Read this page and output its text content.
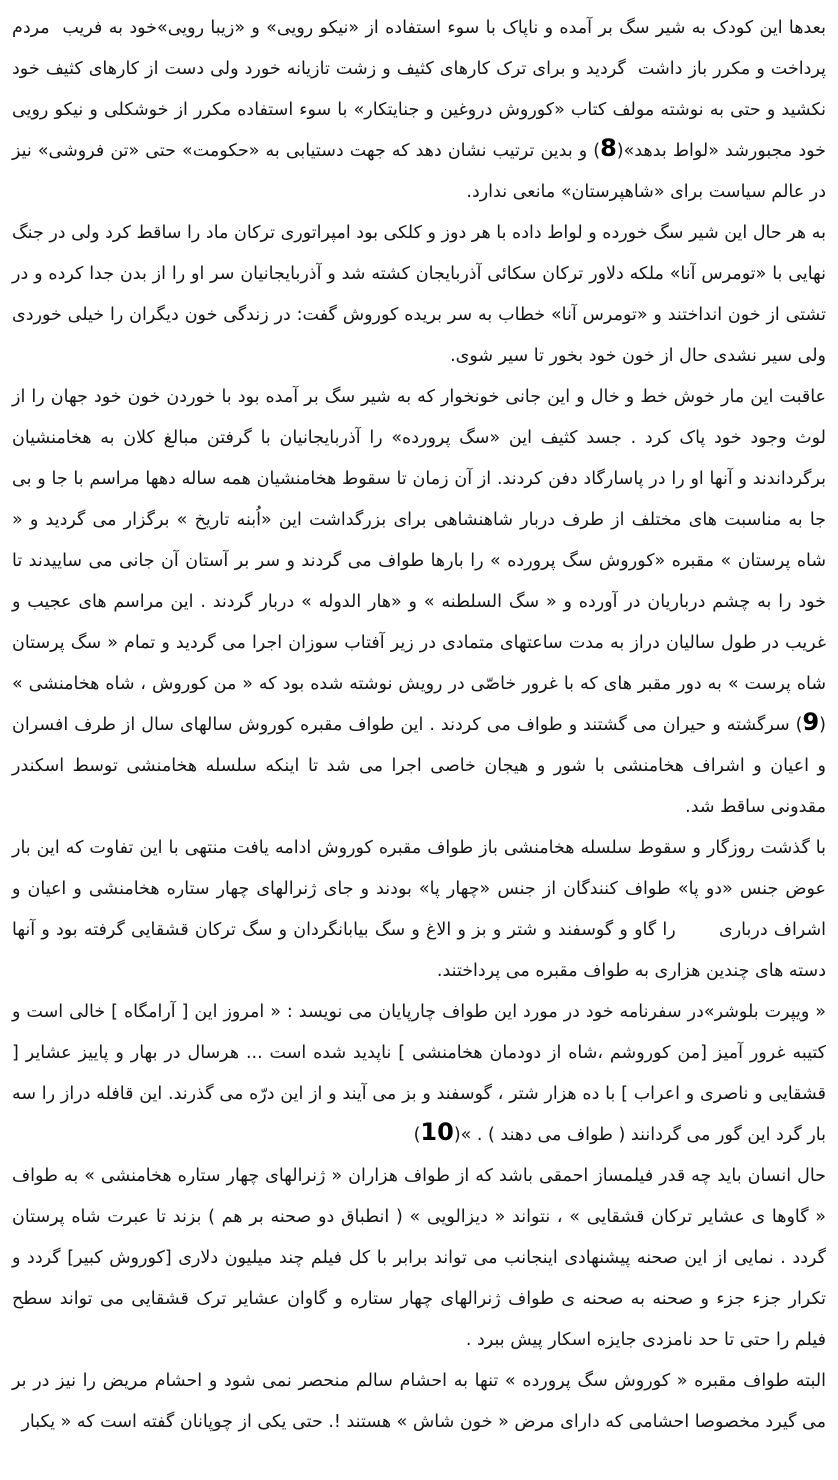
بعدها این کودک به شیر سگ بر آمده و ناپاک با سوء استفاده از «نیکو رویی» و «زیبا رویی»خود به فریب  مردم پرداخت و مکرر باز داشت  گردید و برای ترک کارهای کثیف و زشت تازیانه خورد ولی دست از کارهای کثیف خود نکشید و حتی به نوشته مولف کتاب «کوروش دروغین و جنایتکار» با سوء استفاده مکرر از خوشکلی و نیکو رویی خود مجبورشد «لواط بدهد»(8) و بدین ترتیب نشان دهد که جهت دستیابی به «حکومت» حتی «تن فروشی» نیز در عالم سیاست برای «شاهپرستان» مانعی ندارد.

به هر حال این شیر سگ خورده و لواط داده با هر دوز و کلکی بود امپراتوری ترکان ماد را ساقط کرد ولی در جنگ نهایی با «تومرس آنا» ملکه دلاور ترکان سکائی آذربایجان کشته شد و آذربایجانیان سر او را از بدن جدا کرده و در تشتی از خون انداختند و «تومرس آنا» خطاب به سر بریده کوروش گفت: در زندگی خون دیگران را خیلی خوردی ولی سیر نشدی حال از خون خود بخور تا سیر شوی.

عاقبت این مار خوش خط و خال و این جانی خونخوار که به شیر سگ بر آمده بود با خوردن خون خود جهان را از لوث وجود خود پاک کرد . جسد کثیف این «سگ پرورده» را آذربایجانیان با گرفتن مبالغ کلان به هخامنشیان برگرداندند و آنها او را در پاسارگاد دفن کردند. از آن زمان تا سقوط هخامنشیان همه ساله دهها مراسم با جا و بی جا به مناسبت های مختلف از طرف دربار شاهنشاهی برای بزرگداشت این «اُبنه تاریخ » برگزار می گردید و « شاه پرستان » مقبره «کوروش سگ پرورده » را بارها طواف می گردند و سر بر آستان آن جانی می ساییدند تا خود را به چشم درباریان در آورده و « سگ السلطنه » و «هار الدوله » دربار گردند . این مراسم های عجیب و غریب در طول سالیان دراز به مدت ساعتهای متمادی در زیر آفتاب سوزان اجرا می گردید و تمام « سگ پرستان شاه پرست » به دور مقبر های که با غرور خاصّی در رویش نوشته شده بود که « من کوروش ، شاه هخامنشی » (9) سرگشته و حیران می گشتند و طواف می کردند . این طواف مقبره کوروش سالهای سال از طرف افسران و اعیان و اشراف هخامنشی با شور و هیجان خاصی اجرا می شد تا اینکه سلسله هخامنشی توسط اسکندر مقدونی ساقط شد.

با گذشت روزگار و سقوط سلسله هخامنشی باز طواف مقبره کوروش ادامه یافت منتهی با این تفاوت که این بار عوض جنس «دو پا» طواف کنندگان از جنس «چهار پا» بودند و جای ژنرالهای چهار ستاره هخامنشی و اعیان و اشراف درباری       را گاو و گوسفند و شتر و بز و الاغ و سگ بیابانگردان و سگ ترکان قشقایی گرفته بود و آنها دسته های چندین هزاری به طواف مقبره می پرداختند.

« ویپرت بلوشر»در سفرنامه خود در مورد این طواف چارپایان می نویسد : « امروز این [ آرامگاه ] خالی است و کتیبه غرور آمیز [من کوروشم ،شاه از دودمان هخامنشی ] ناپدید شده است ... هرسال در بهار و پاییز عشایر [ قشقایی و ناصری و اعراب ] با ده هزار شتر ، گوسفند و بز می آیند و از این درّه می گذرند. این قافله دراز را سه بار گرد این گور می گردانند ( طواف می دهند ) . »(10)

حال انسان باید چه قدر فیلمساز احمقی باشد که از طواف هزاران « ژنرالهای چهار ستاره هخامنشی » به طواف « گاوها ی عشایر ترکان قشقایی » ، نتواند « دیزالویی » ( انطباق دو صحنه بر هم ) بزند تا عبرت شاه پرستان گردد . نمایی از این صحنه پیشنهادی اینجانب می تواند برابر با کل فیلم چند میلیون دلاری [کوروش کبیر] گردد و تکرار جزء جزء و صحنه به صحنه ی طواف ژنرالهای چهار ستاره و گاوان عشایر ترک قشقایی می تواند سطح فیلم را حتی تا حد نامزدی جایزه اسکار پیش ببرد .

البته طواف مقبره « کوروش سگ پرورده » تنها به احشام سالم منحصر نمی شود و احشام مریض را نیز در بر می گیرد مخصوصا احشامی که دارای مرض « خون شاش » هستند !. حتی یکی از چوپانان گفته است که « یکبار
